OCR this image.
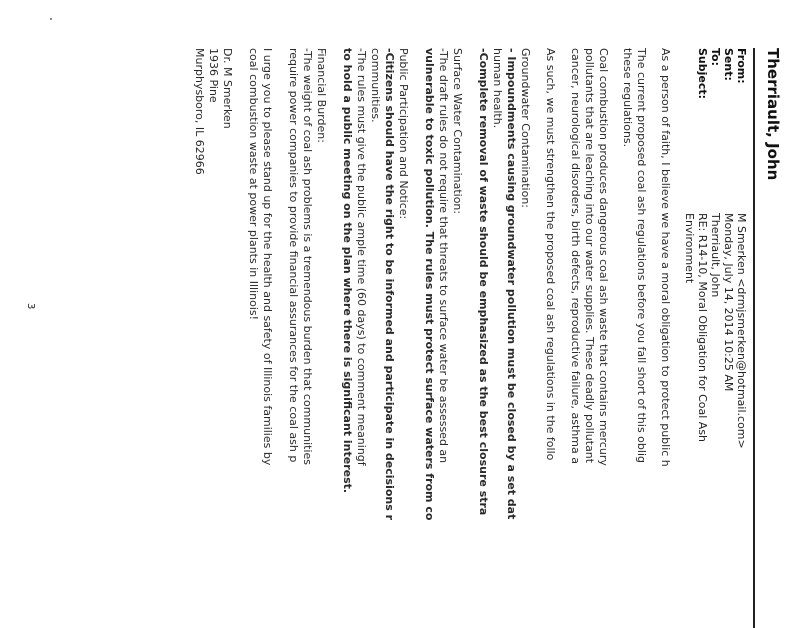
Therriault, John
From:
M Smerken <drmjsmerken@hotmail.com>
Sent:
Monday, July 14, 2014 10:25 AM
To:
Therriault, John
Subject:
RE: R14-10, Moral Obligation for Coal Ash
Environment
As a person of faith, I believe we have a moral obligation to protect public h
The current proposed coal ash regulations before you fall short of this oblig
these regulations.
Coal combustion produces dangerous coal ash waste that contains mercury
pollutants that are leaching into our water supplies. These deadly pollutant
cancer, neurological disorders, birth defects, reproductive failure, asthma a
As such, we must strengthen the proposed coal ash regulations in the follo
Groundwater Contamination:
- Impoundments causing groundwater pollution must be closed by a set dat
human health.
-Complete removal of waste should be emphasized as the best closure stra
Surface Water Contamination:
-The draft rules do not require that threats to surface water be assessed an
vulnerable to toxic pollution. The rules must protect surface waters from co
Public Participation and Notice:
-Citizens should have the right to be informed and participate in decisions r
communities.
-The rules must give the public ample time (60 days) to comment meaningf
to hold a public meeting on the plan where there is significant interest.
Financial Burden:
-The weight of coal ash problems is a tremendous burden that communities
require power companies to provide financial assurances for the coal ash p
I urge you to please stand up for the health and safety of Illinois families by
coal combustion waste at power plants in Illinois!
Dr. M Smerken
1936 Pine
Murphysboro, IL 62966
3
